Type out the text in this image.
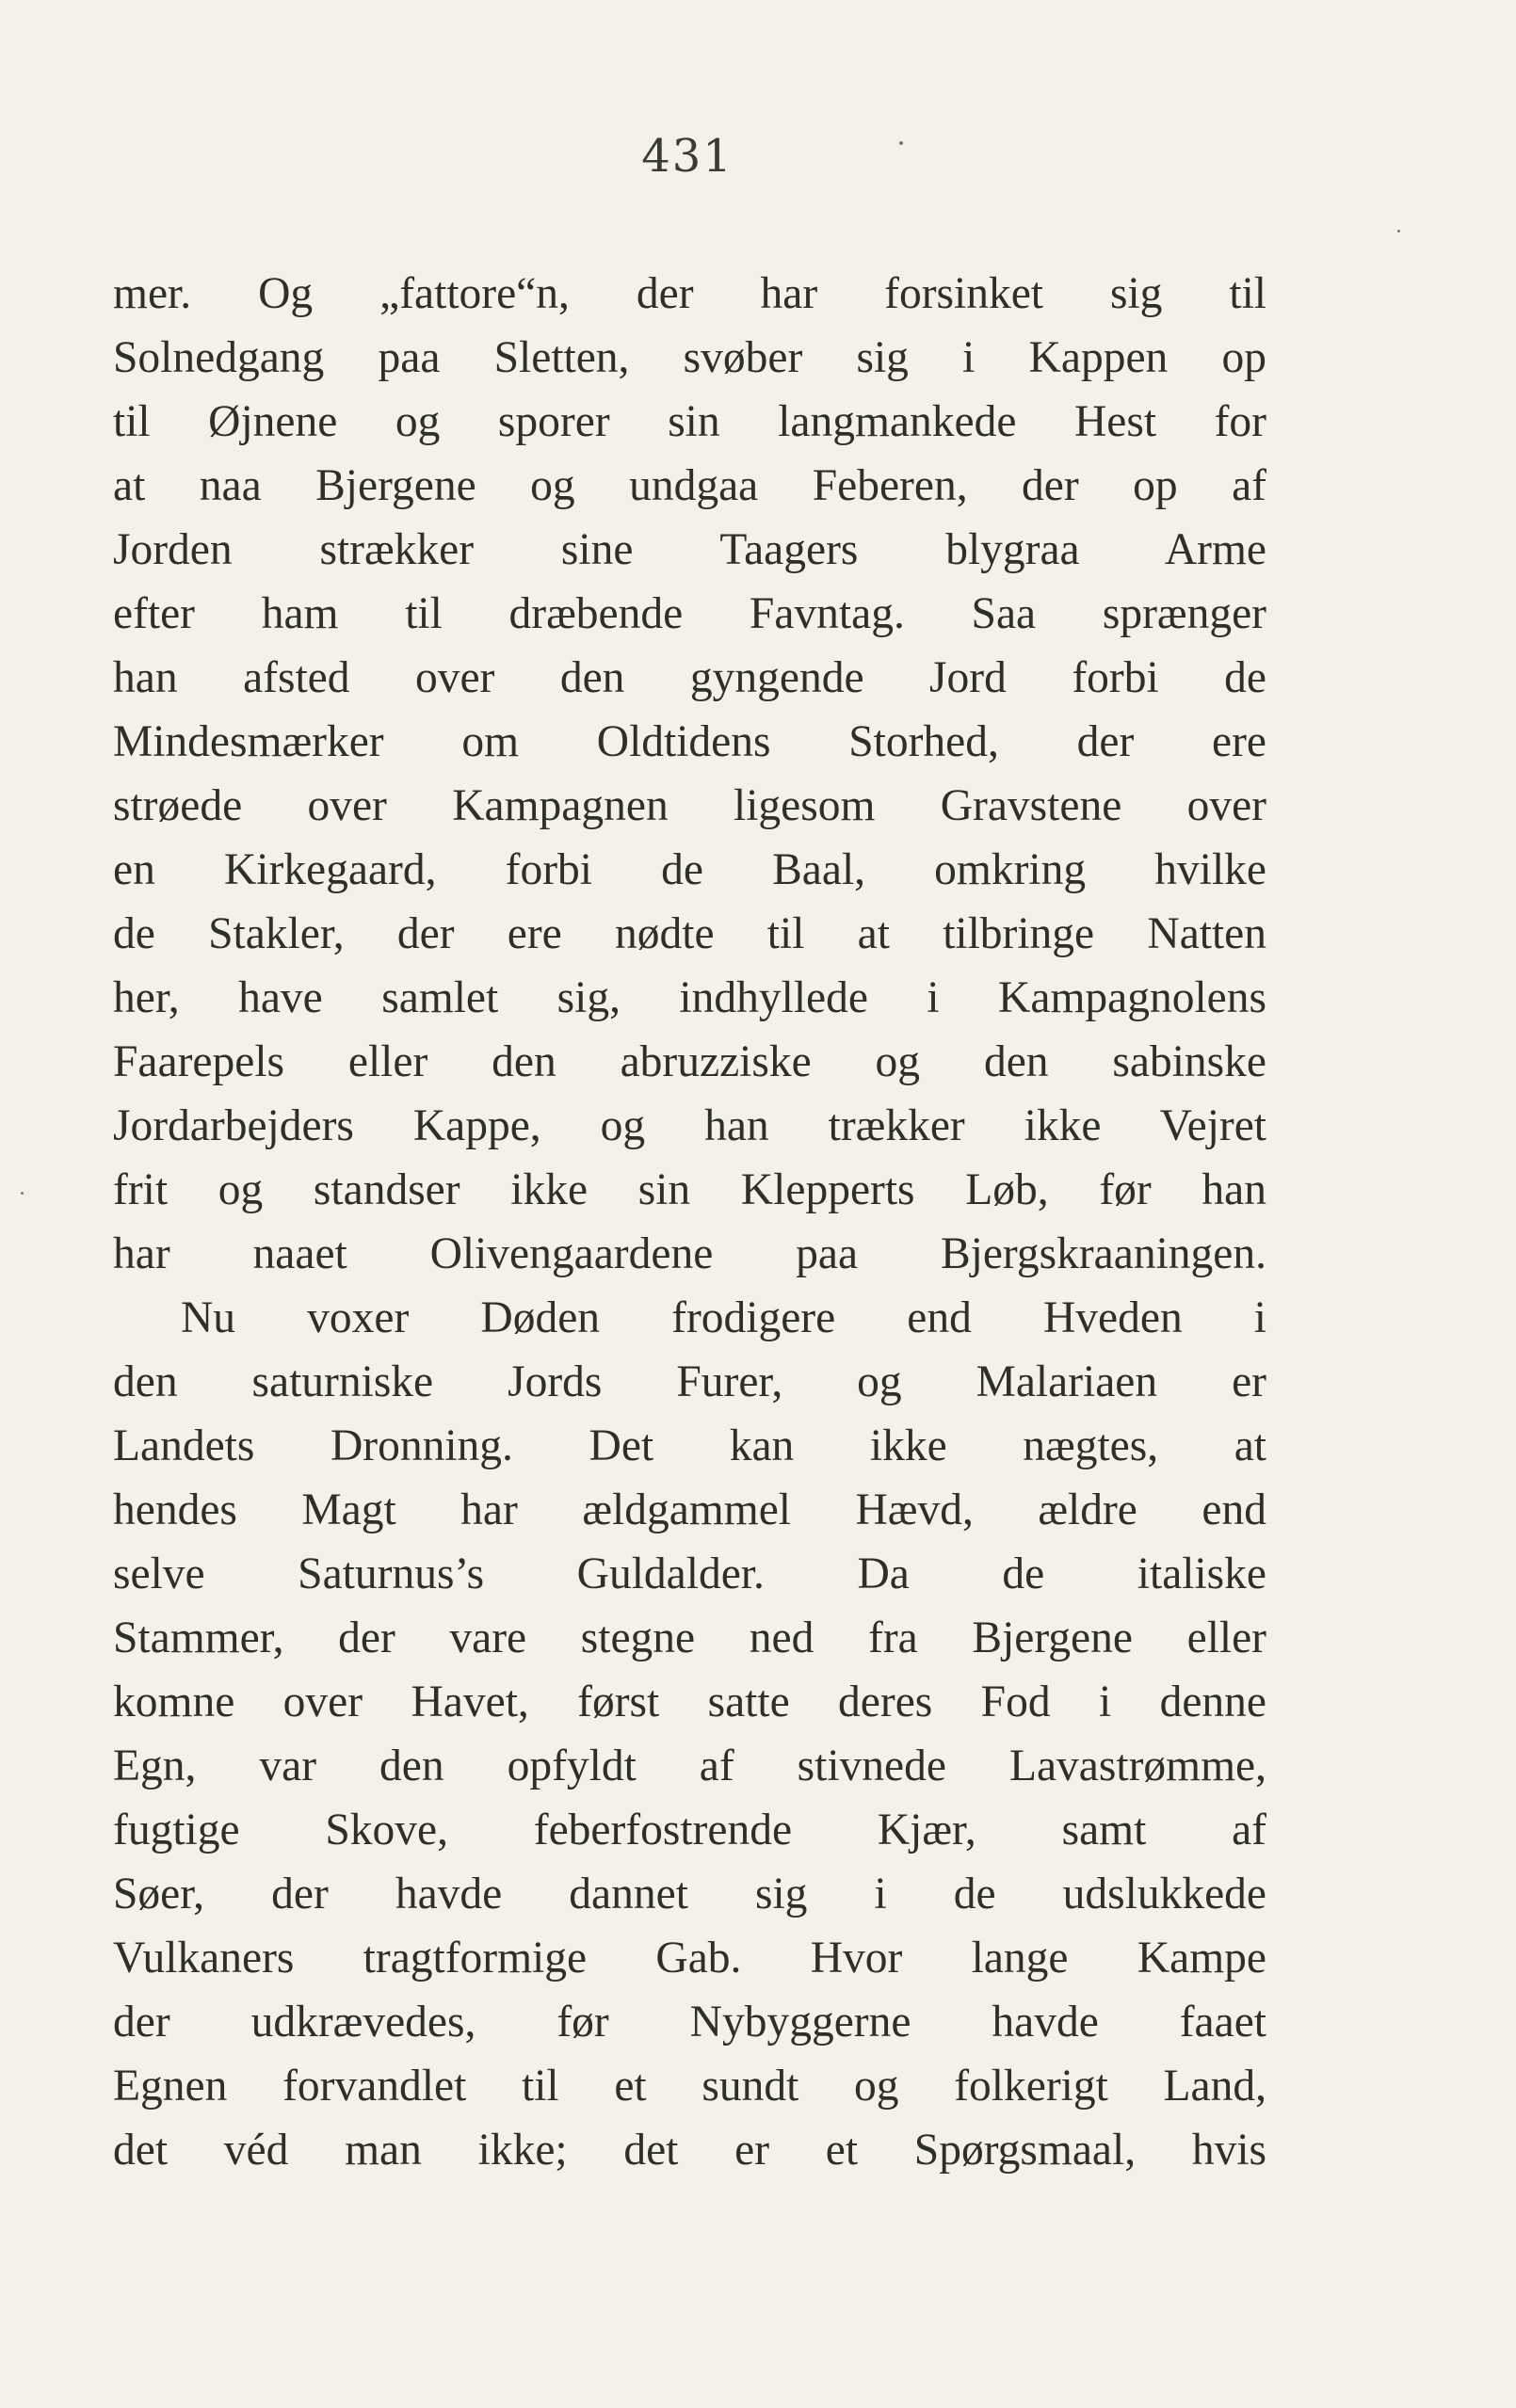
431
mer. Og „fattore“n, der har forsinket sig til
Solnedgang paa Sletten, svøber sig i Kappen op
til Øjnene og sporer sin langmankede Hest for
at naa Bjergene og undgaa Feberen, der op af
Jorden strækker sine Taagers blygraa Arme
efter ham til dræbende Favntag. Saa sprænger
han afsted over den gyngende Jord forbi de
Mindesmærker om Oldtidens Storhed, der ere
strøede over Kampagnen ligesom Gravstene over
en Kirkegaard, forbi de Baal, omkring hvilke
de Stakler, der ere nødte til at tilbringe Natten
her, have samlet sig, indhyllede i Kampagnolens
Faarepels eller den abruzziske og den sabinske
Jordarbejders Kappe, og han trækker ikke Vejret
frit og standser ikke sin Klepperts Løb, før han
har naaet Olivengaardene paa Bjergskraaningen.
Nu voxer Døden frodigere end Hveden i
den saturniske Jords Furer, og Malariaen er
Landets Dronning. Det kan ikke nægtes, at
hendes Magt har ældgammel Hævd, ældre end
selve Saturnus’s Guldalder. Da de italiske
Stammer, der vare stegne ned fra Bjergene eller
komne over Havet, først satte deres Fod i denne
Egn, var den opfyldt af stivnede Lavastrømme,
fugtige Skove, feberfostrende Kjær, samt af
Søer, der havde dannet sig i de udslukkede
Vulkaners tragtformige Gab. Hvor lange Kampe
der udkrævedes, før Nybyggerne havde faaet
Egnen forvandlet til et sundt og folkerigt Land,
det véd man ikke; det er et Spørgsmaal, hvis
